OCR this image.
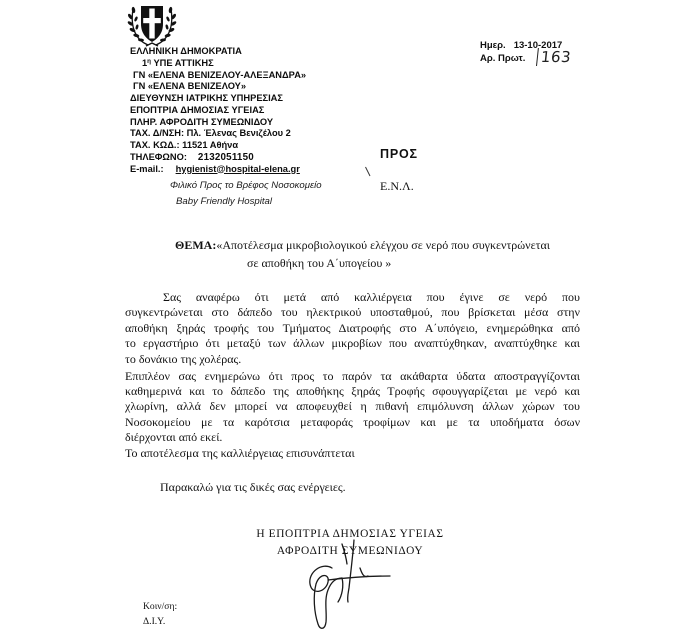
ΕΛΛΗΝΙΚΗ ΔΗΜΟΚΡΑΤΙΑ
$1^\eta$ ΥΠΕ ΑΤΤΙΚΗΣ
ΓΝ «ΕΛΕΝΑ ΒΕΝΙΖΕΛΟΥ-ΑΛΕΞΑΝΔΡΑ»
ΓΝ «ΕΛΕΝΑ ΒΕΝΙΖΕΛΟΥ»
ΔΙΕΥΘΥΝΣΗ ΙΑΤΡΙΚΗΣ ΥΠΗΡΕΣΙΑΣ
ΕΠΟΠΤΡΙΑ ΔΗΜΟΣΙΑΣ ΥΓΕΙΑΣ
ΠΛΗΡ. ΑΦΡΟΔΙΤΗ ΣΥΜΕΩΝΙΔΟΥ
ΤΑΧ. Δ/ΝΣΗ: Πλ. Έλενας Βενιζέλου 2
ΤΑΧ. ΚΩΔ.: 11521 Αθήνα
ΤΗΛΕΦΩΝΟ: 2132051150
E-mail.: hygienist@hospital-elena.gr
Φιλικό Προς το Βρέφος Νοσοκομείο
Baby Friendly Hospital
Ημερ. 13-10-2017
Αρ. Πρωτ. 163
ΠΡΟΣ
Ε.Ν.Λ.
ΘΕΜΑ:«Αποτέλεσμα μικροβιολογικού ελέγχου σε νερό που συγκεντρώνεται
σε αποθήκη του Α΄υπογείου »
Σας αναφέρω ότι μετά από καλλιέργεια που έγινε σε νερό που
συγκεντρώνεται στο δάπεδο του ηλεκτρικού υποσταθμού, που βρίσκεται μέσα στην
αποθήκη ξηράς τροφής του Τμήματος Διατροφής στο Α΄υπόγειο, ενημερώθηκα από
το εργαστήριο ότι μεταξύ των άλλων μικροβίων που αναπτύχθηκαν, αναπτύχθηκε και
το δονάκιο της χολέρας.
Επιπλέον σας ενημερώνω ότι προς το παρόν τα ακάθαρτα ύδατα αποστραγγίζονται
καθημερινά και το δάπεδο της αποθήκης ξηράς Τροφής σφουγγαρίζεται με νερό και
χλωρίνη, αλλά δεν μπορεί να αποφευχθεί η πιθανή επιμόλυνση άλλων χώρων του
Νοσοκομείου με τα καρότσια μεταφοράς τροφίμων και με τα υποδήματα όσων
διέρχονται από εκεί.
Το αποτέλεσμα της καλλιέργειας επισυνάπτεται
Παρακαλώ για τις δικές σας ενέργειες.
Η ΕΠΟΠΤΡΙΑ ΔΗΜΟΣΙΑΣ ΥΓΕΙΑΣ
ΑΦΡΟΔΙΤΗ ΣΥΜΕΩΝΙΔΟΥ
Κοιν/ση:
Δ.Ι.Υ.
